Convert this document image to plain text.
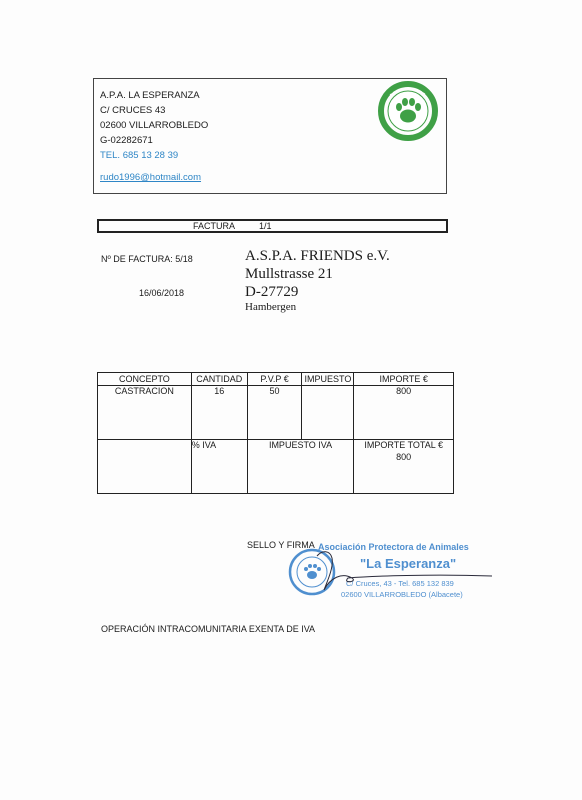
A.P.A. LA ESPERANZA
C/ CRUCES 43
02600 VILLARROBLEDO
G-02282671
TEL. 685 13 28 39
rudo1996@hotmail.com
FACTURA	1/1
Nº DE FACTURA: 5/18
16/06/2018
A.S.P.A. FRIENDS e.V.
Mullstrasse 21
D-27729
Hambergen
CONCEPTO	CANTIDAD	P.V.P €	IMPUESTO	IMPORTE €
CASTRACION	16	50		800
	% IVA	IMPUESTO IVA		IMPORTE TOTAL €
800
SELLO Y FIRMA Asociación Protectora de Animales
"La Esperanza"
C/ Cruces, 43 - Tel. 685 132 839
02600 VILLARROBLEDO (Albacete)
OPERACIÓN INTRACOMUNITARIA EXENTA DE IVA
